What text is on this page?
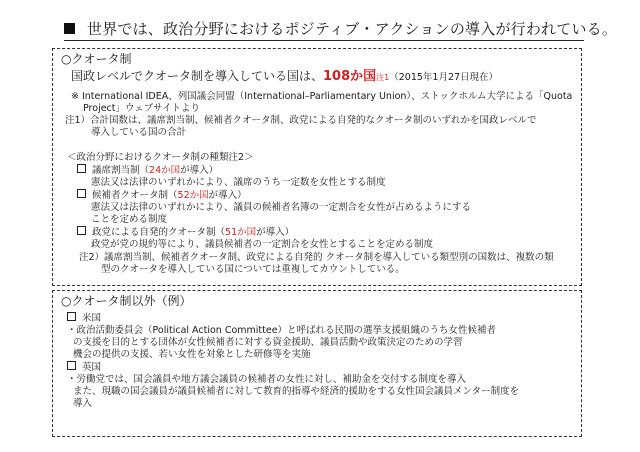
世界では、政治分野におけるポジティブ・アクションの導入が行われている。
○クオータ制
国政レベルでクオータ制を導入している国は、108か国注1（2015年1月27日現在）
※ International IDEA、列国議会同盟（International–Parliamentary Union）、ストックホルム大学による「Quota
Project」ウェブサイトより
注1）合計国数は、議席割当制、候補者クオータ制、政党による自発的なクオータ制のいずれかを国政レベルで
導入している国の合計
＜政治分野におけるクオータ制の種類注2＞
議席割当制（24か国が導入）
憲法又は法律のいずれかにより、議席のうち一定数を女性とする制度
候補者クオータ制（52か国が導入）
憲法又は法律のいずれかにより、議員の候補者名簿の一定割合を女性が占めるようにする
ことを定める制度
政党による自発的クオータ制（51か国が導入）
政党が党の規約等により、議員候補者の一定割合を女性とすることを定める制度
注2）議席割当制、候補者クオータ制、政党による自発的 クオータ制を導入している類型別の国数は、複数の類
型のクオータを導入している国については重複してカウントしている。
○クオータ制以外（例）
米国
・政治活動委員会（Political Action Committee）と呼ばれる民間の選挙支援組織のうち女性候補者
の支援を目的とする団体が女性候補者に対する資金援助、議員活動や政策決定のための学習
機会の提供の支援、若い女性を対象とした研修等を実施
英国
・労働党では、国会議員や地方議会議員の候補者の女性に対し、補助金を交付する制度を導入
また、現職の国会議員が議員候補者に対して教育的指導や経済的援助をする女性国会議員メンター制度を
導入
